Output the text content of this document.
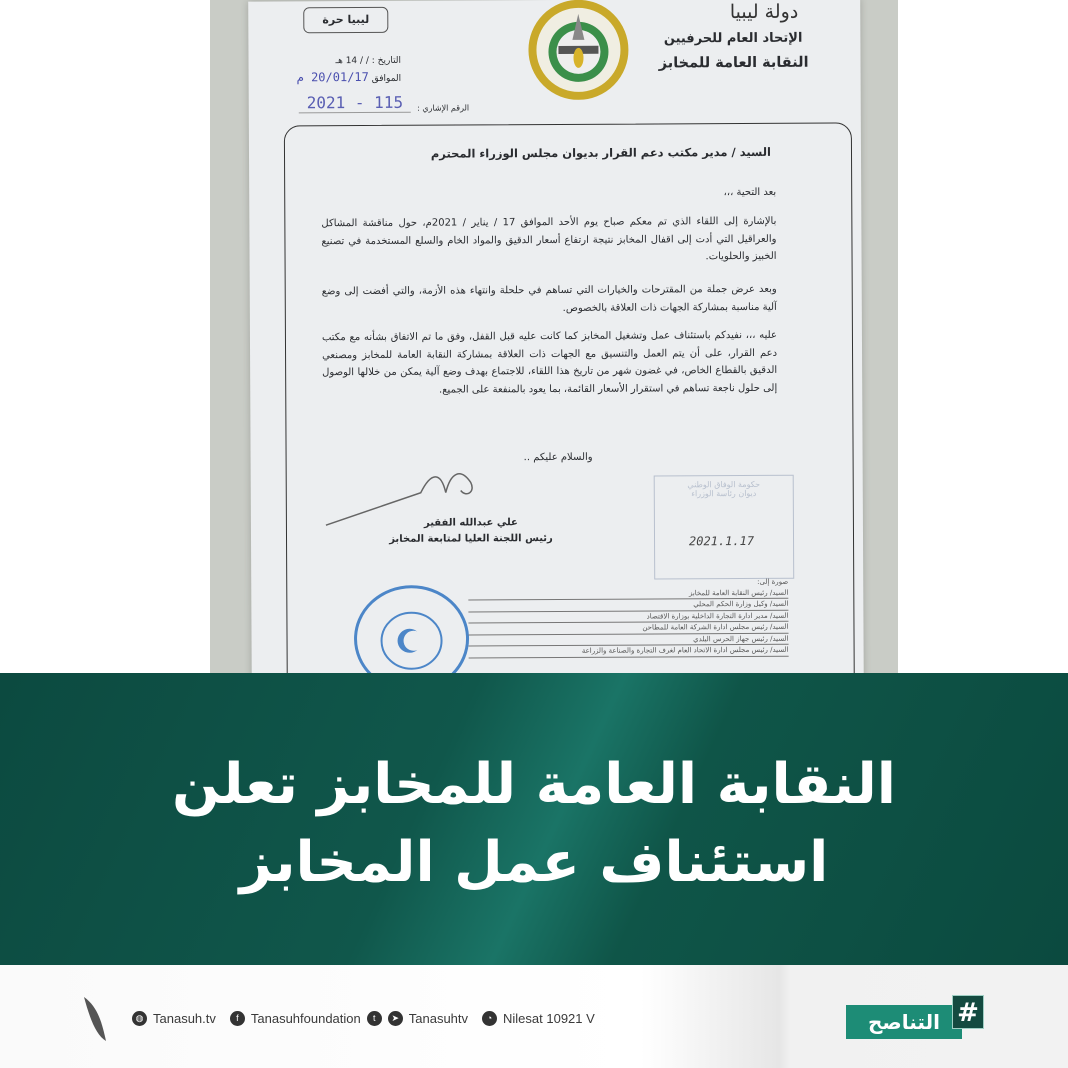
ليبيا حرة	دولة ليبيا
الإتحاد العام للحرفيين
النقابة العامة للمخابز
التاريخ : / / 14 هـ
الموافق 20/01/17 م
الرقم الإشاري :
2021 - 115
السيد / مدير مكتب دعم القرار بديوان مجلس الوزراء المحترم
بعد التحية ،،،
بالإشارة إلى اللقاء الذي تم معكم صباح يوم الأحد الموافق 17 / يناير / 2021م، حول مناقشة المشاكل والعراقيل التي أدت إلى اقفال المخابز نتيجة ارتفاع أسعار الدقيق والمواد الخام والسلع المستخدمة في تصنيع الخبيز والحلويات.
وبعد عرض جملة من المقترحات والخيارات التي تساهم في حلحلة وانتهاء هذه الأزمة، والتي أفضت إلى وضع آلية مناسبة بمشاركة الجهات ذات العلاقة بالخصوص.
عليه ،،، نفيدكم باستئناف عمل وتشغيل المخابز كما كانت عليه قبل القفل، وفق ما تم الاتفاق بشأنه مع مكتب دعم القرار، على أن يتم العمل والتنسيق مع الجهات ذات العلاقة بمشاركة النقابة العامة للمخابز ومصنعي الدقيق بالقطاع الخاص، في غضون شهر من تاريخ هذا اللقاء، للاجتماع بهدف وضع آلية يمكن من خلالها الوصول إلى حلول ناجعة تساهم في استقرار الأسعار القائمة، بما يعود بالمنفعة على الجميع.
والسلام عليكم ..
علي عبدالله الفقير
رئيس اللجنة العليا لمتابعة المخابز
حكومة الوفاق الوطني
ديوان رئاسة الوزراء
2021.1.17

صورة إلى:

السيد/ رئيس النقابة العامة للمخابز
السيد/ وكيل وزارة الحكم المحلي
السيد/ مدير ادارة التجارة الداخلية بوزارة الاقتصاد
السيد/ رئيس مجلس ادارة الشركة العامة للمطاحن
السيد/ رئيس جهاز الحرس البلدي
السيد/ رئيس مجلس ادارة الاتحاد العام لغرف التجارة والصناعة والزراعة
النقابة العامة للمخابز تعلن
استئناف عمل المخابز
◍ Tanasuh.tv	f Tanasuhfoundation	t	➤ Tanasuhtv	◔ Nilesat 10921 V	التناصح #
